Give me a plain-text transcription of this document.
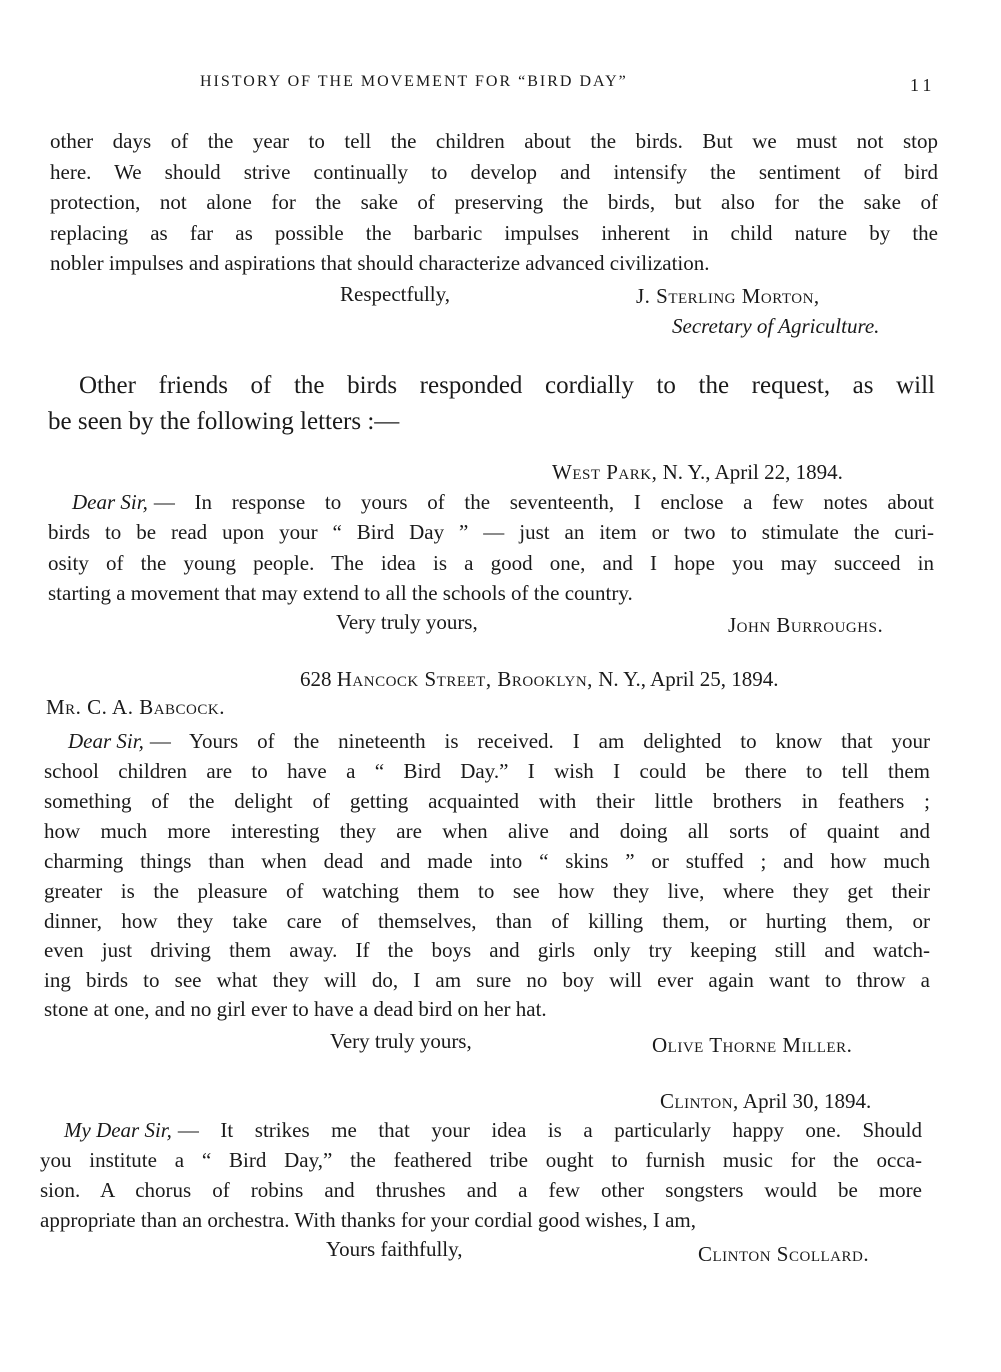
HISTORY OF THE MOVEMENT FOR “BIRD DAY”	11
other days of the year to tell the children about the birds. But we must not stop
here. We should strive continually to develop and intensify the sentiment of bird
protection, not alone for the sake of preserving the birds, but also for the sake of
replacing as far as possible the barbaric impulses inherent in child nature by the
nobler impulses and aspirations that should characterize advanced civilization.
Respectfully,	J. Sterling Morton,
Secretary of Agriculture.
Other friends of the birds responded cordially to the request, as will
be seen by the following letters :—
West Park, N. Y., April 22, 1894.
Dear Sir, — In response to yours of the seventeenth, I enclose a few notes about
birds to be read upon your “ Bird Day ” — just an item or two to stimulate the curi-
osity of the young people. The idea is a good one, and I hope you may succeed in
starting a movement that may extend to all the schools of the country.
Very truly yours,	John Burroughs.
628 Hancock Street, Brooklyn, N. Y., April 25, 1894.
Mr. C. A. Babcock.
Dear Sir, — Yours of the nineteenth is received. I am delighted to know that your
school children are to have a “ Bird Day.” I wish I could be there to tell them
something of the delight of getting acquainted with their little brothers in feathers ;
how much more interesting they are when alive and doing all sorts of quaint and
charming things than when dead and made into “ skins ” or stuffed ; and how much
greater is the pleasure of watching them to see how they live, where they get their
dinner, how they take care of themselves, than of killing them, or hurting them, or
even just driving them away. If the boys and girls only try keeping still and watch-
ing birds to see what they will do, I am sure no boy will ever again want to throw a
stone at one, and no girl ever to have a dead bird on her hat.
Very truly yours,	Olive Thorne Miller.
Clinton, April 30, 1894.
My Dear Sir, — It strikes me that your idea is a particularly happy one. Should
you institute a “ Bird Day,” the feathered tribe ought to furnish music for the occa-
sion. A chorus of robins and thrushes and a few other songsters would be more
appropriate than an orchestra. With thanks for your cordial good wishes, I am,
Yours faithfully,	Clinton Scollard.
